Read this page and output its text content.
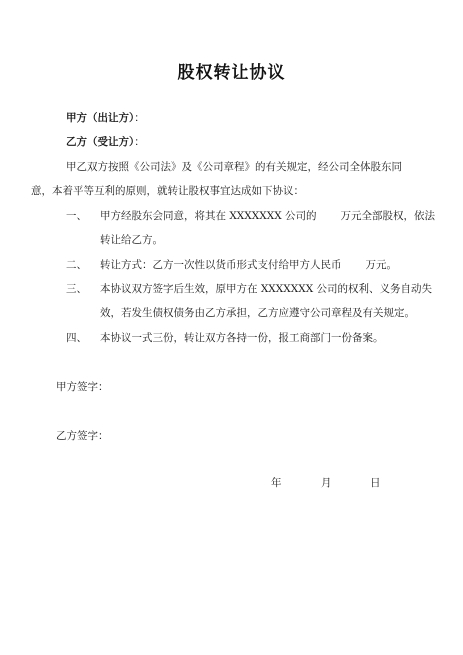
股权转让协议
甲方（出让方）：
乙方（受让方）：
甲乙双方按照《公司法》及《公司章程》的有关规定，经公司全体股东同
意，本着平等互利的原则，就转让股权事宜达成如下协议：
一、 甲方经股东会同意，将其在 XXXXXXX 公司的 万元全部股权，依法
转让给乙方。
二、 转让方式：乙方一次性以货币形式支付给甲方人民币 万元。
三、 本协议双方签字后生效，原甲方在 XXXXXXX 公司的权利、义务自动失
效，若发生债权债务由乙方承担，乙方应遵守公司章程及有关规定。
四、 本协议一式三份，转让双方各持一份，报工商部门一份备案。
甲方签字：
乙方签字：
年	月	日
